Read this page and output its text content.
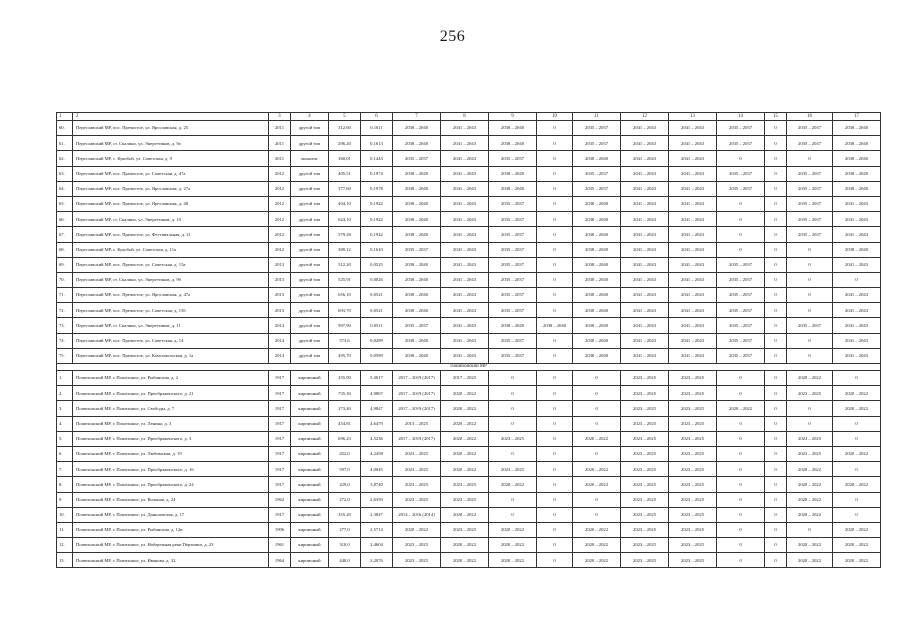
256
1	2	3	4	5	6	7	8	9	10	11	12	13	14	15	16	17
60.	Переславский МР, пос. Пречистое, ул. Ярославская, д. 25	2011	другой тип	312,60	0,1611	2038 – 2040	2041 – 2043	2038 – 2040	0	2035 – 2037	2041 – 2043	2041 – 2043	2035 – 2037	0	2035 – 2037	2038 – 2040
61.	Переславский МР, ст. Скалино, ул. Энергетиков, д. 9а	2011	другой тип	296,20	0,1613	2038 – 2040	2041 – 2043	2038 – 2040	0	2035 – 2037	2041 – 2043	2041 – 2043	2035 – 2037	0	2035 – 2037	2038 – 2040
62.	Переславский МР, с. Кукобой, ул. Советская, д. 9	2011	монолит	360,01	0,1443	2035 – 2037	2041 – 2043	2035 – 2037	0	2038 – 2040	2041 – 2043	2041 – 2043	0	0	0	2038 – 2040
63.	Переславский МР, пос. Пречистое, ул. Советская, д. 47а	2012	другой тип	405,51	0,1974	2038 – 2040	2041 – 2043	2038 – 2040	0	2035 – 2037	2041 – 2043	2041 – 2043	2035 – 2037	0	2035 – 2037	2038 – 2040
64.	Переславский МР, пос. Пречистое, ул. Ярославская, д. 27а	2012	другой тип	377,60	0,1978	2038 – 2040	2041 – 2043	2038 – 2040	0	2035 – 2037	2041 – 2043	2041 – 2043	2035 – 2037	0	2035 – 2037	2038 – 2040
65.	Переславский МР, пос. Пречистое, ул. Ярославская, д. 48	2012	другой тип	404,10	0,1942	2038 – 2040	2041 – 2043	2035 – 2037	0	2038 – 2040	2041 – 2043	2041 – 2043	0	0	2035 – 2037	2041 – 2043
66.	Переславский МР, ст. Скалино, ул. Энергетиков, д. 10	2012	другой тип	624,10	0,1942	2038 – 2040	2041 – 2043	2035 – 2037	0	2038 – 2040	2041 – 2043	2041 – 2043	0	0	2035 – 2037	2041 – 2043
67.	Переславский МР, пос. Пречистое, ул. Фестивальная, д. 21	2012	другой тип	579,28	0,1942	2038 – 2040	2041 – 2043	2035 – 2037	0	2038 – 2040	2041 – 2043	2041 – 2043	0	0	2035 – 2037	2041 – 2043
68.	Переславский МР, с. Кукобой, ул. Советская, д. 11а	2012	другой тип	380,12	0,1610	2035 – 2037	2041 – 2043	2035 – 2037	0	2038 – 2040	2041 – 2043	2041 – 2043	0	0	0	2038 – 2040
69.	Переславский МР, пос. Пречистое, ул. Советская, д. 15а	2013	другой тип	512,20	0,0525	2038 – 2040	2041 – 2043	2035 – 2037	0	2038 – 2040	2041 – 2043	2041 – 2043	2035 – 2037	0	0	2041 – 2043
70.	Переславский МР, ст. Скалино, ул. Энергетиков, д. 9б	2013	другой тип	525,91	0,0026	2038 – 2040	2041 – 2043	2035 – 2037	0	2038 – 2040	2041 – 2043	2041 – 2043	2035 – 2037	0	0	0
71.	Переславский МР, пос. Пречистое, ул. Ярославская, д. 47а	2013	другой тип	656,10	0,0521	2038 – 2040	2041 – 2043	2035 – 2037	0	2038 – 2040	2041 – 2043	2041 – 2043	2035 – 2037	0	0	2041 – 2043
72.	Переславский МР, пос. Пречистое, ул. Советская, д. 15б	2013	другой тип	693,70	0,0521	2038 – 2040	2041 – 2043	2035 – 2037	0	2038 – 2040	2041 – 2043	2041 – 2043	2035 – 2037	0	0	2041 – 2043
73.	Переславский МР, ст. Скалино, ул. Энергетиков, д. 11	2014	другой тип	997,90	0,0511	2035 – 2037	2041 – 2043	2038 – 2040	2038 – 2040	2038 – 2040	2041 – 2043	2041 – 2043	2035 – 2037	0	2035 – 2037	2041 – 2043
74.	Переславский МР, пос. Пречистое, ул. Советская, д. 14	2014	другой тип	573,6	0,0289	2038 – 2040	2041 – 2043	2035 – 2037	0	2038 – 2040	2041 – 2043	2041 – 2043	2035 – 2037	0	0	2041 – 2043
75.	Переславский МР, пос. Пречистое, ул. Комсомольская, д. 1а	2014	другой тип	495,70	0,0589	2038 – 2040	2041 – 2043	2035 – 2037	0	2038 – 2040	2041 – 2043	2041 – 2043	2035 – 2037	0	0	2041 – 2043
Пошехонский МР																
1.	Пошехонский МР, г. Пошехонье, ул. Рыбинская, д. 2	1917	кирпичный	255,90	5,3017	2017 – 2019 (2017)	2017 – 2025	0	0	0	2023 – 2025	2023 – 2025	0	0	2020 – 2022	0
2.	Пошехонский МР, г. Пошехонье, ул. Преображенского, д. 21	1917	кирпичный	735,30	4,9867	2017 – 2019 (2017)	2020 – 2022	0	0	0	2023 – 2025	2023 – 2025	0	0	2023 – 2025	2020 – 2022
3.	Пошехонский МР, г. Пошехонье, ул. Свободы, д. 7	1917	кирпичный	273,40	4,9847	2017 – 2019 (2017)	2020 – 2022	0	0	0	2023 – 2025	2023 – 2025	2020 – 2022	0	0	2020 – 2022
4.	Пошехонский МР, г. Пошехонье, ул. Ленина, д. 3	1917	кирпичный	454,81	4,6479	2013 – 2025	2020 – 2022	0	0	0	2023 – 2025	2023 – 2025	0	0	0	0
5.	Пошехонский МР, г. Пошехонье, ул. Преображенского, д. 3	1917	кирпичный	696,23	4,5236	2017 – 2019 (2017)	2020 – 2022	2023 – 2025	0	2020 – 2022	2023 – 2025	2023 – 2025	0	0	2023 – 2025	0
6.	Пошехонский МР, г. Пошехонье, ул. Любимская, д. 19	1917	кирпичный	452,0	4,2458	2023 – 2025	2020 – 2022	0	0	0	2023 – 2025	2023 – 2025	0	0	2023 – 2025	2020 – 2022
7.	Пошехонский МР, г. Пошехонье, ул. Преображенского, д. 16	1917	кирпичный	597,0	4,0045	2023 – 2025	2020 – 2022	2023 – 2025	0	2020 – 2022	2023 – 2025	2023 – 2025	0	0	2020 – 2022	0
8.	Пошехонский МР, г. Пошехонье, ул. Преображенского, д. 24	1917	кирпичный	229,0	3,8740	2023 – 2025	2023 – 2025	2020 – 2022	0	2020 – 2022	2023 – 2025	2023 – 2025	0	0	2020 – 2022	2020 – 2022
9.	Пошехонский МР, г. Пошехонье, ул. Вольная, д. 24	1962	кирпичный	272,0	2,6350	2023 – 2025	2023 – 2025	0	0	0	2023 – 2025	2023 – 2025	0	0	2020 – 2022	0
10.	Пошехонский МР, г. Пошехонье, ул. Даниловская, д. 17	1917	кирпичный	355,20	2,3847	2014 – 2016 (2014)	2020 – 2022	0	0	0	2023 – 2025	2023 – 2025	0	0	2020 – 2022	0
11.	Пошехонский МР, г. Пошехонье, ул. Рыбинская, д. 12в	1906	кирпичный	277,0	2,5714	2020 – 2022	2023 – 2025	2020 – 2022	0	2020 – 2022	2023 – 2025	2023 – 2025	0	0	0	2020 – 2022
12.	Пошехонский МР, г. Пошехонье, ул. Набережная реки Пертомки, д. 23	1961	кирпичный	310,0	2,4604	2023 – 2025	2020 – 2022	2020 – 2022	0	2020 – 2022	2023 – 2025	2023 – 2025	0	0	2020 – 2022	2020 – 2022
13.	Пошехонский МР, г. Пошехонье, ул. Иванова, д. 32	1964	кирпичный	440,0	2,2076	2023 – 2025	2020 – 2022	2020 – 2022	0	2020 – 2022	2023 – 2025	2023 – 2025	0	0	2020 – 2022	2020 – 2022
